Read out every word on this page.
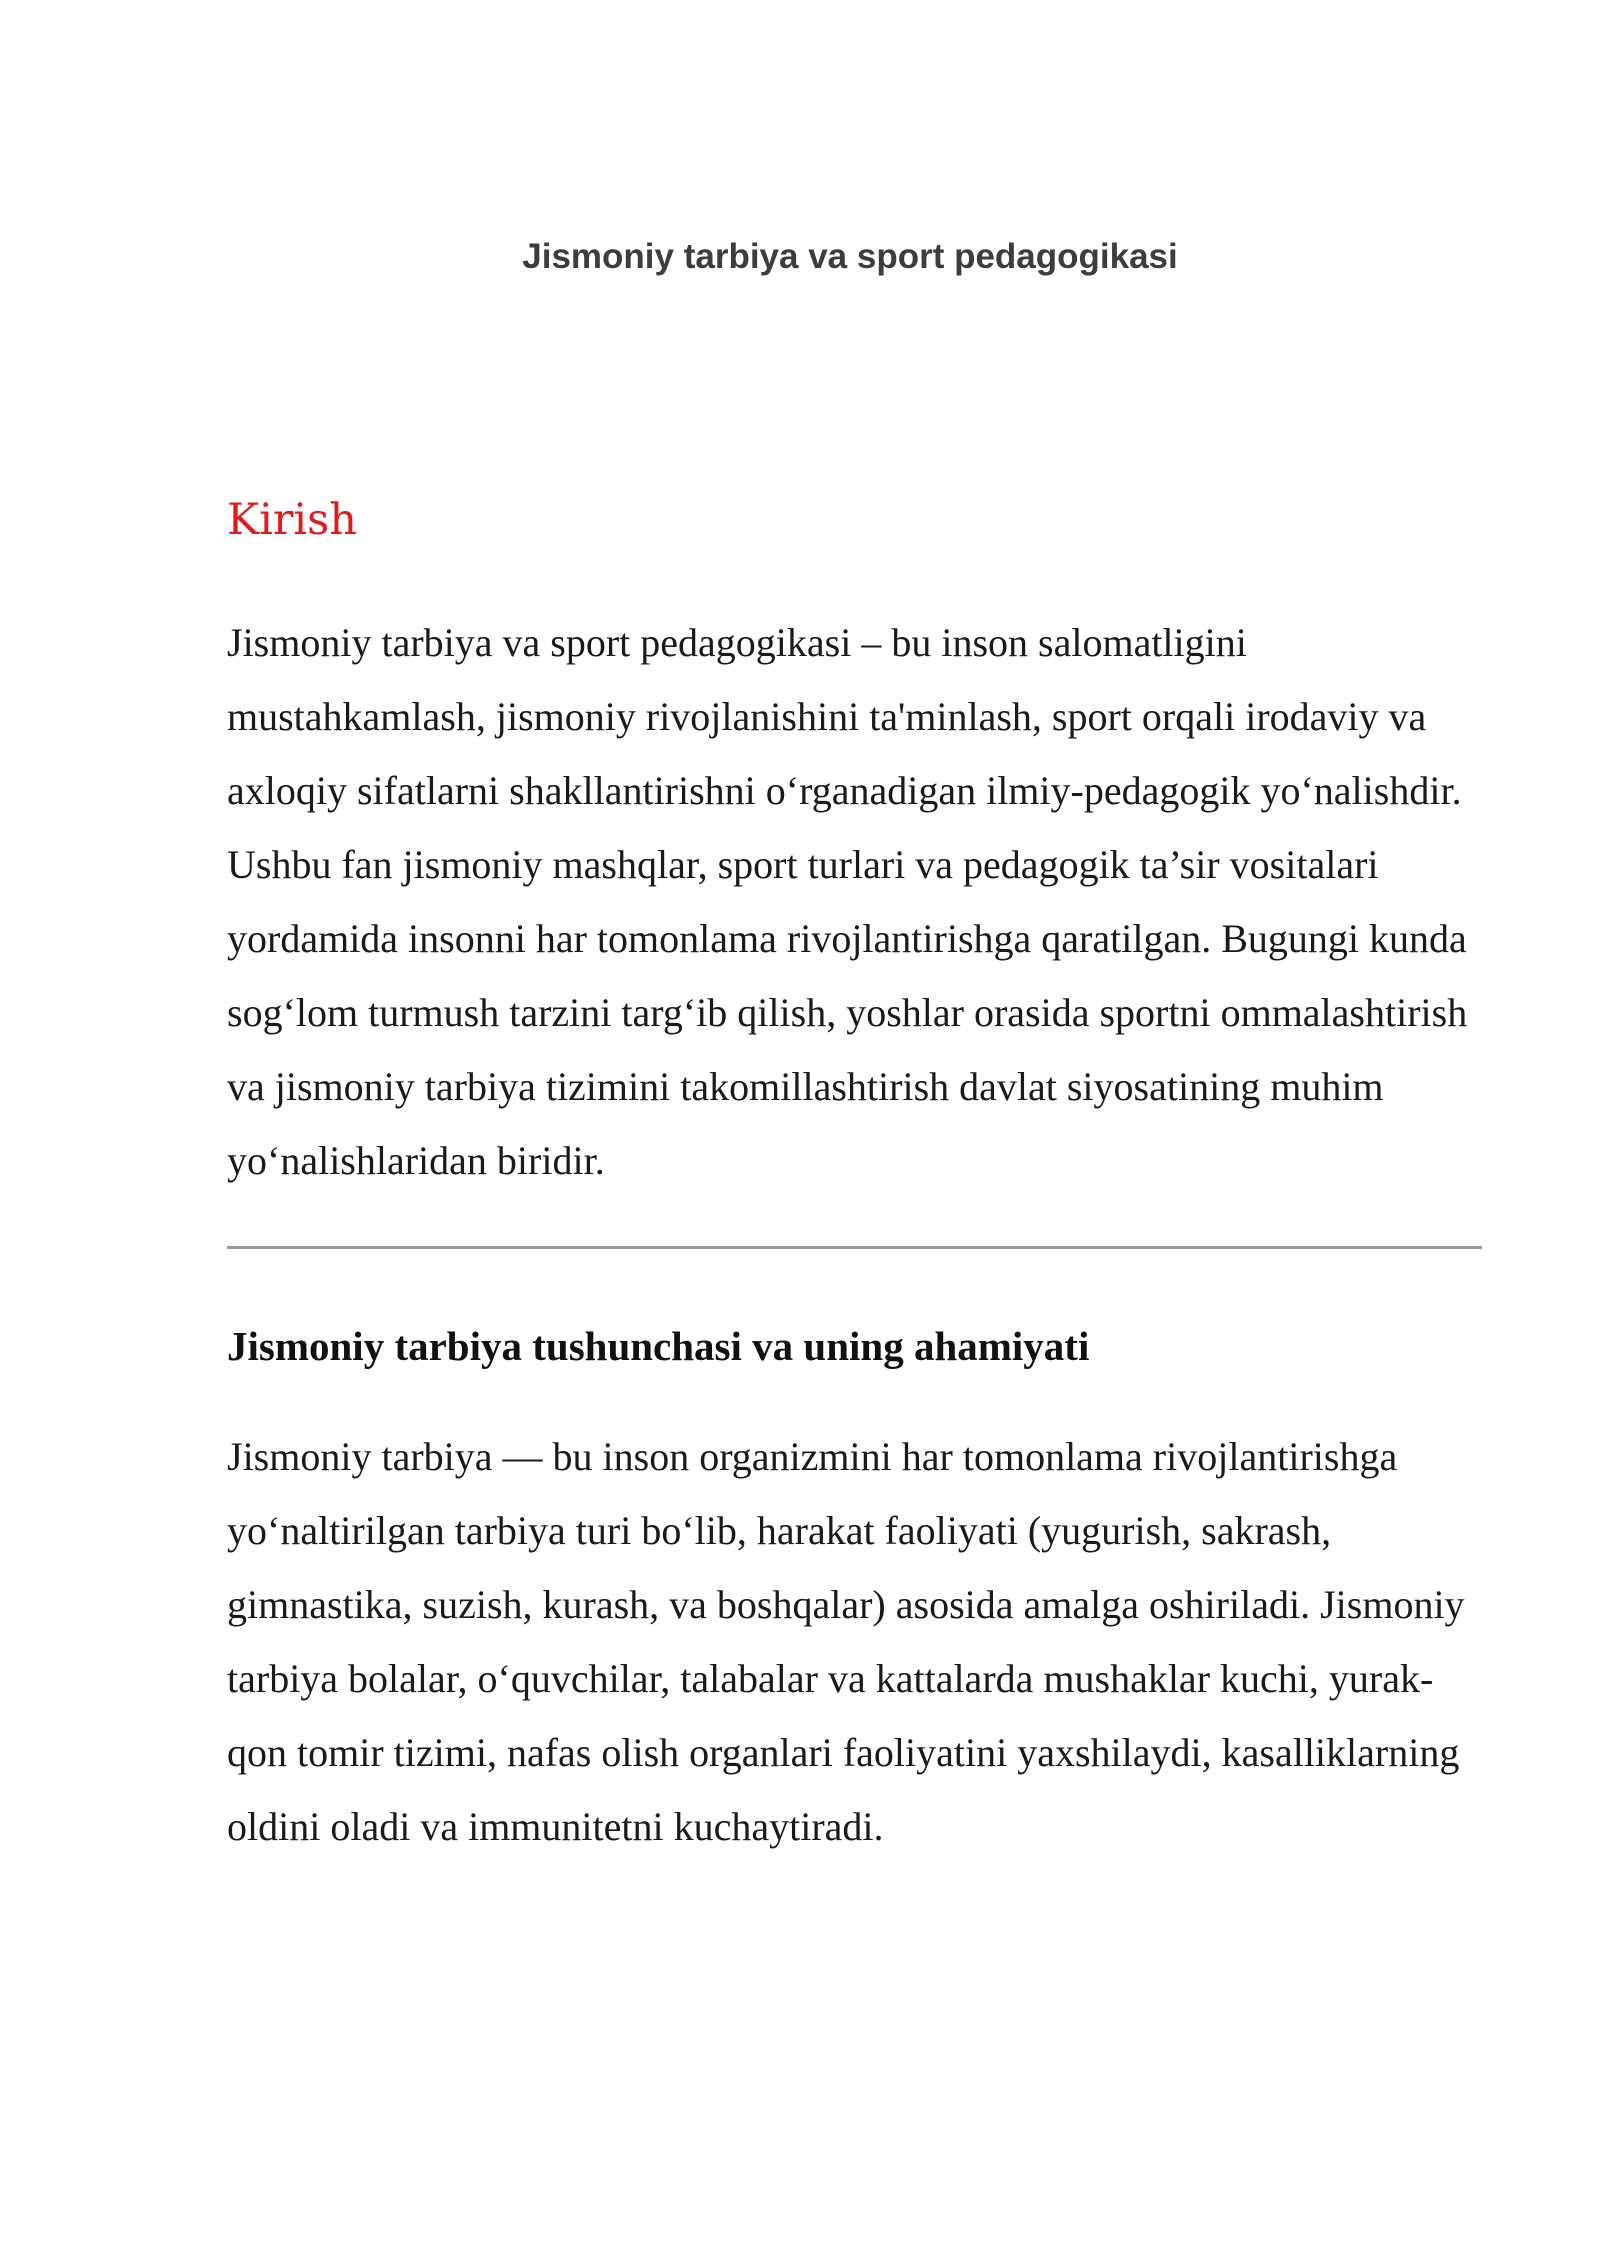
Jismoniy tarbiya va sport pedagogikasi
Kirish

Jismoniy tarbiya va sport pedagogikasi – bu inson salomatligini mustahkamlash, jismoniy rivojlanishini ta'minlash, sport orqali irodaviy va axloqiy sifatlarni shakllantirishni o‘rganadigan ilmiy-pedagogik yo‘nalishdir. Ushbu fan jismoniy mashqlar, sport turlari va pedagogik ta’sir vositalari yordamida insonni har tomonlama rivojlantirishga qaratilgan. Bugungi kunda sog‘lom turmush tarzini targ‘ib qilish, yoshlar orasida sportni ommalashtirish va jismoniy tarbiya tizimini takomillashtirish davlat siyosatining muhim yo‘nalishlaridan biridir.

Jismoniy tarbiya tushunchasi va uning ahamiyati

Jismoniy tarbiya — bu inson organizmini har tomonlama rivojlantirishga yo‘naltirilgan tarbiya turi bo‘lib, harakat faoliyati (yugurish, sakrash, gimnastika, suzish, kurash, va boshqalar) asosida amalga oshiriladi. Jismoniy tarbiya bolalar, o‘quvchilar, talabalar va kattalarda mushaklar kuchi, yurak-qon tomir tizimi, nafas olish organlari faoliyatini yaxshilaydi, kasalliklarning oldini oladi va immunitetni kuchaytiradi.
